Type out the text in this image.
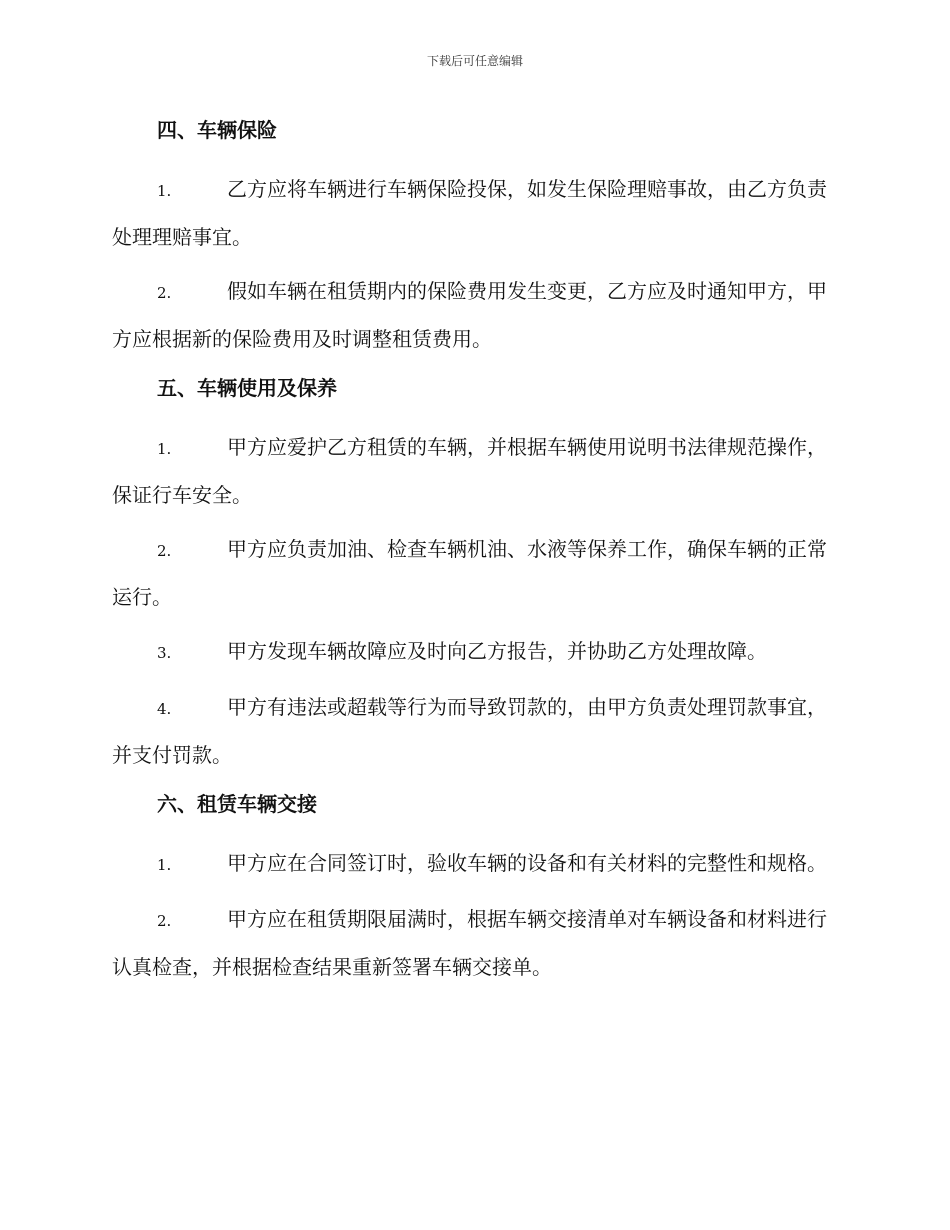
下载后可任意编辑
四、车辆保险
1.	乙方应将车辆进行车辆保险投保，如发生保险理赔事故，由乙方负责处理理赔事宜。
2.	假如车辆在租赁期内的保险费用发生变更，乙方应及时通知甲方，甲方应根据新的保险费用及时调整租赁费用。
五、车辆使用及保养
1.	甲方应爱护乙方租赁的车辆，并根据车辆使用说明书法律规范操作，保证行车安全。
2.	甲方应负责加油、检查车辆机油、水液等保养工作，确保车辆的正常运行。
3.	甲方发现车辆故障应及时向乙方报告，并协助乙方处理故障。
4.	甲方有违法或超载等行为而导致罚款的，由甲方负责处理罚款事宜，并支付罚款。
六、租赁车辆交接
1.	甲方应在合同签订时，验收车辆的设备和有关材料的完整性和规格。
2.	甲方应在租赁期限届满时，根据车辆交接清单对车辆设备和材料进行认真检查，并根据检查结果重新签署车辆交接单。
